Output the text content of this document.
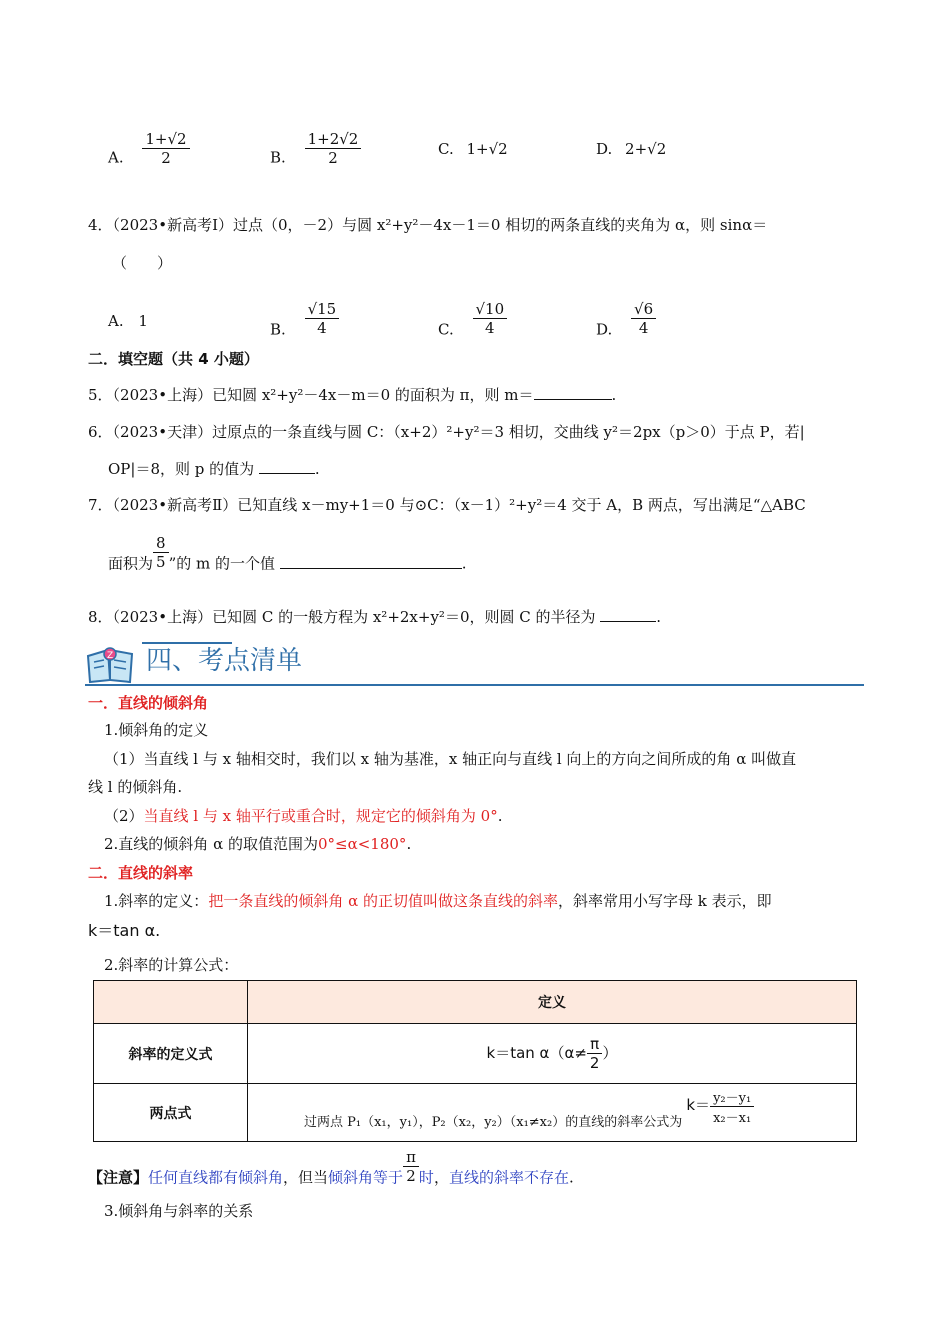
A. $\frac{1+√2}{2}$	B. $\frac{1+2√2}{2}$	C. 1+√2	D. 2+√2
4．（2023•新高考Ⅰ）过点（0，－2）与圆 x²+y²－4x－1＝0 相切的两条直线的夹角为 α，则 sinα＝
（　　）
A. 1	B. $\frac{√15}{4}$	C. $\frac{√10}{4}$	D. $\frac{√6}{4}$
二．填空题（共 4 小题）
5．（2023•上海）已知圆 x²+y²－4x－m＝0 的面积为 π，则 m＝	.
6．（2023•天津）过原点的一条直线与圆 C：（x+2）²+y²＝3 相切，交曲线 y²＝2px（p＞0）于点 P，若|
OP|＝8，则 p 的值为	.
7．（2023•新高考Ⅱ）已知直线 x－my+1＝0 与⊙C：（x－1）²+y²＝4 交于 A，B 两点，写出满足“△ABC
面积为 $\frac{8}{5}$ ”的 m 的一个值	.
8．（2023•上海）已知圆 C 的一般方程为 x²+2x+y²＝0，则圆 C 的半径为	.
Z 四、考点清单
一．直线的倾斜角
1.倾斜角的定义
（1）当直线 l 与 x 轴相交时，我们以 x 轴为基准，x 轴正向与直线 l 向上的方向之间所成的角 α 叫做直
线 l 的倾斜角.
（2）当直线 l 与 x 轴平行或重合时，规定它的倾斜角为 0°.
2.直线的倾斜角 α 的取值范围为0°≤α<180°.
二．直线的斜率
1.斜率的定义：把一条直线的倾斜角 α 的正切值叫做这条直线的斜率，斜率常用小写字母 k 表示，即
k＝tan α.
2.斜率的计算公式：
	定义
斜率的定义式	k＝tan $\alpha(\alpha\ne \frac{\pi}{2}$ ）
两点式	过两点 P₁（x₁，y₁），P₂（x₂，y₂）（x₁≠x₂）的直线的斜率公式为 $k= \frac{\text{y₂－y₁}}{\text{x₂－x₁}}$
【注意】任何直线都有倾斜角，但当倾斜角等于 $\frac{\pi}{2}$ 时，直线的斜率不存在.
3.倾斜角与斜率的关系
